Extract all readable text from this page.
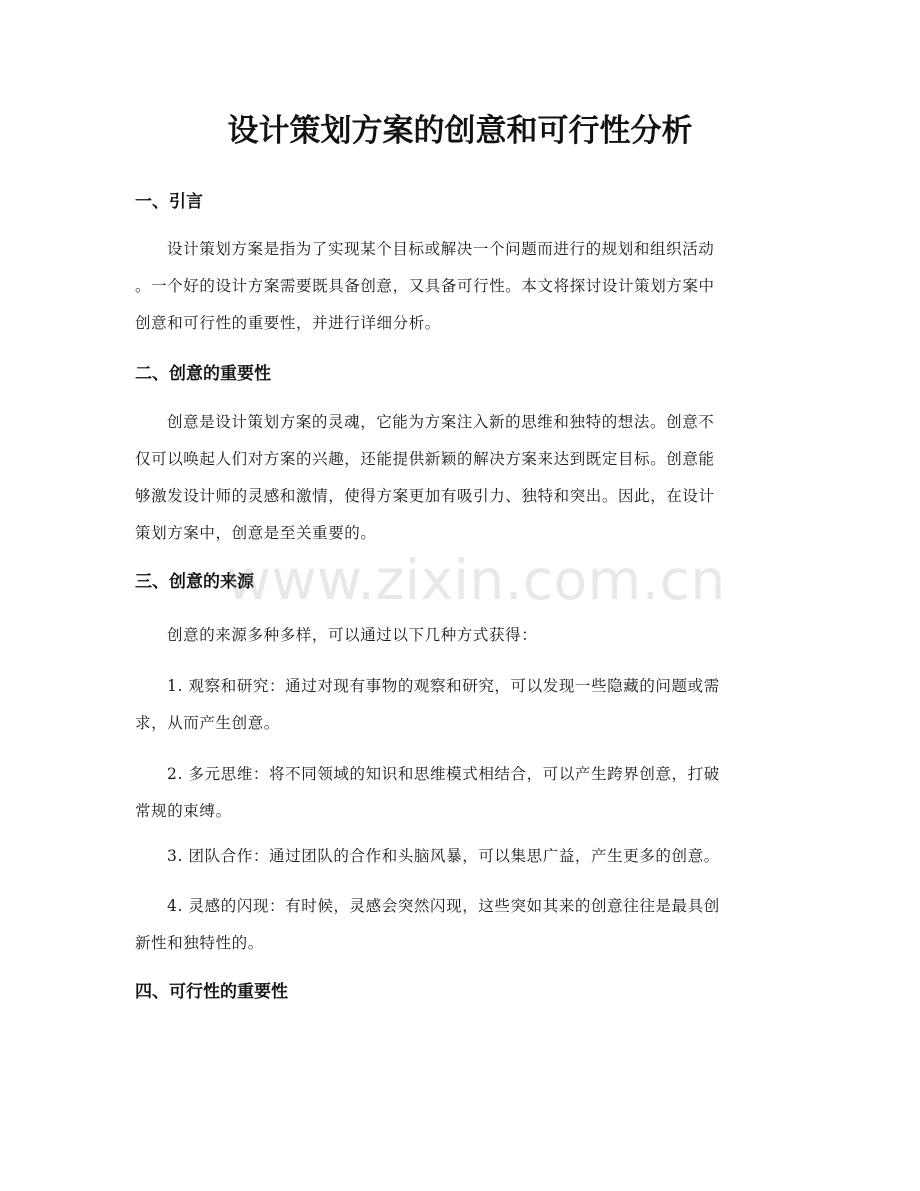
设计策划方案的创意和可行性分析
一、引言

设计策划方案是指为了实现某个目标或解决一个问题而进行的规划和组织活动
。一个好的设计方案需要既具备创意，又具备可行性。本文将探讨设计策划方案中
创意和可行性的重要性，并进行详细分析。

二、创意的重要性

创意是设计策划方案的灵魂，它能为方案注入新的思维和独特的想法。创意不
仅可以唤起人们对方案的兴趣，还能提供新颖的解决方案来达到既定目标。创意能
够激发设计师的灵感和激情，使得方案更加有吸引力、独特和突出。因此，在设计
策划方案中，创意是至关重要的。

三、创意的来源

创意的来源多种多样，可以通过以下几种方式获得：

1. 观察和研究：通过对现有事物的观察和研究，可以发现一些隐藏的问题或需
求，从而产生创意。

2. 多元思维：将不同领域的知识和思维模式相结合，可以产生跨界创意，打破
常规的束缚。

3. 团队合作：通过团队的合作和头脑风暴，可以集思广益，产生更多的创意。

4. 灵感的闪现：有时候，灵感会突然闪现，这些突如其来的创意往往是最具创
新性和独特性的。

四、可行性的重要性
www.zixin.com.cn
